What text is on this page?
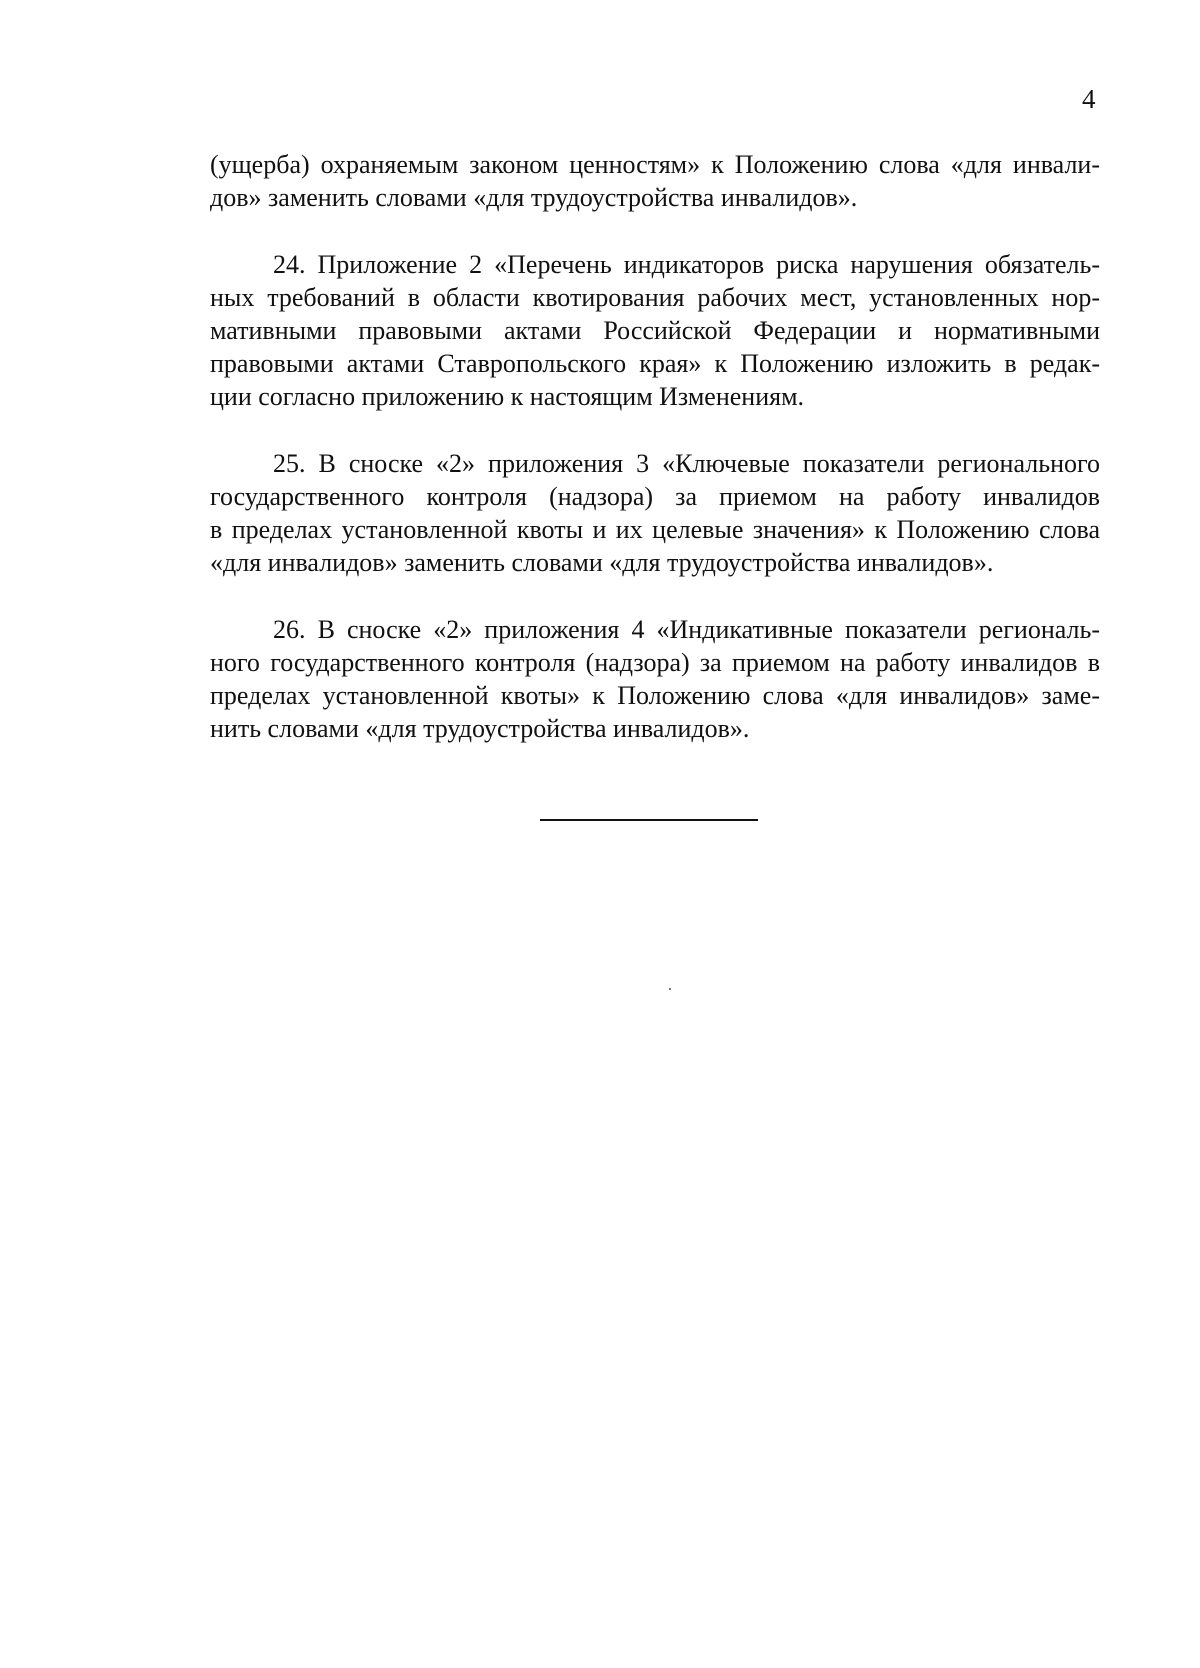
4

(ущерба) охраняемым законом ценностям» к Положению слова «для инвали-
дов» заменить словами «для трудоустройства инвалидов».

24. Приложение 2 «Перечень индикаторов риска нарушения обязатель-
ных требований в области квотирования рабочих мест, установленных нор-
мативными правовыми актами Российской Федерации и нормативными
правовыми актами Ставропольского края» к Положению изложить в редак-
ции согласно приложению к настоящим Изменениям.

25. В сноске «2» приложения 3 «Ключевые показатели регионального
государственного контроля (надзора) за приемом на работу инвалидов
в пределах установленной квоты и их целевые значения» к Положению слова
«для инвалидов» заменить словами «для трудоустройства инвалидов».

26. В сноске «2» приложения 4 «Индикативные показатели региональ-
ного государственного контроля (надзора) за приемом на работу инвалидов в
пределах установленной квоты» к Положению слова «для инвалидов» заме-
нить словами «для трудоустройства инвалидов».
